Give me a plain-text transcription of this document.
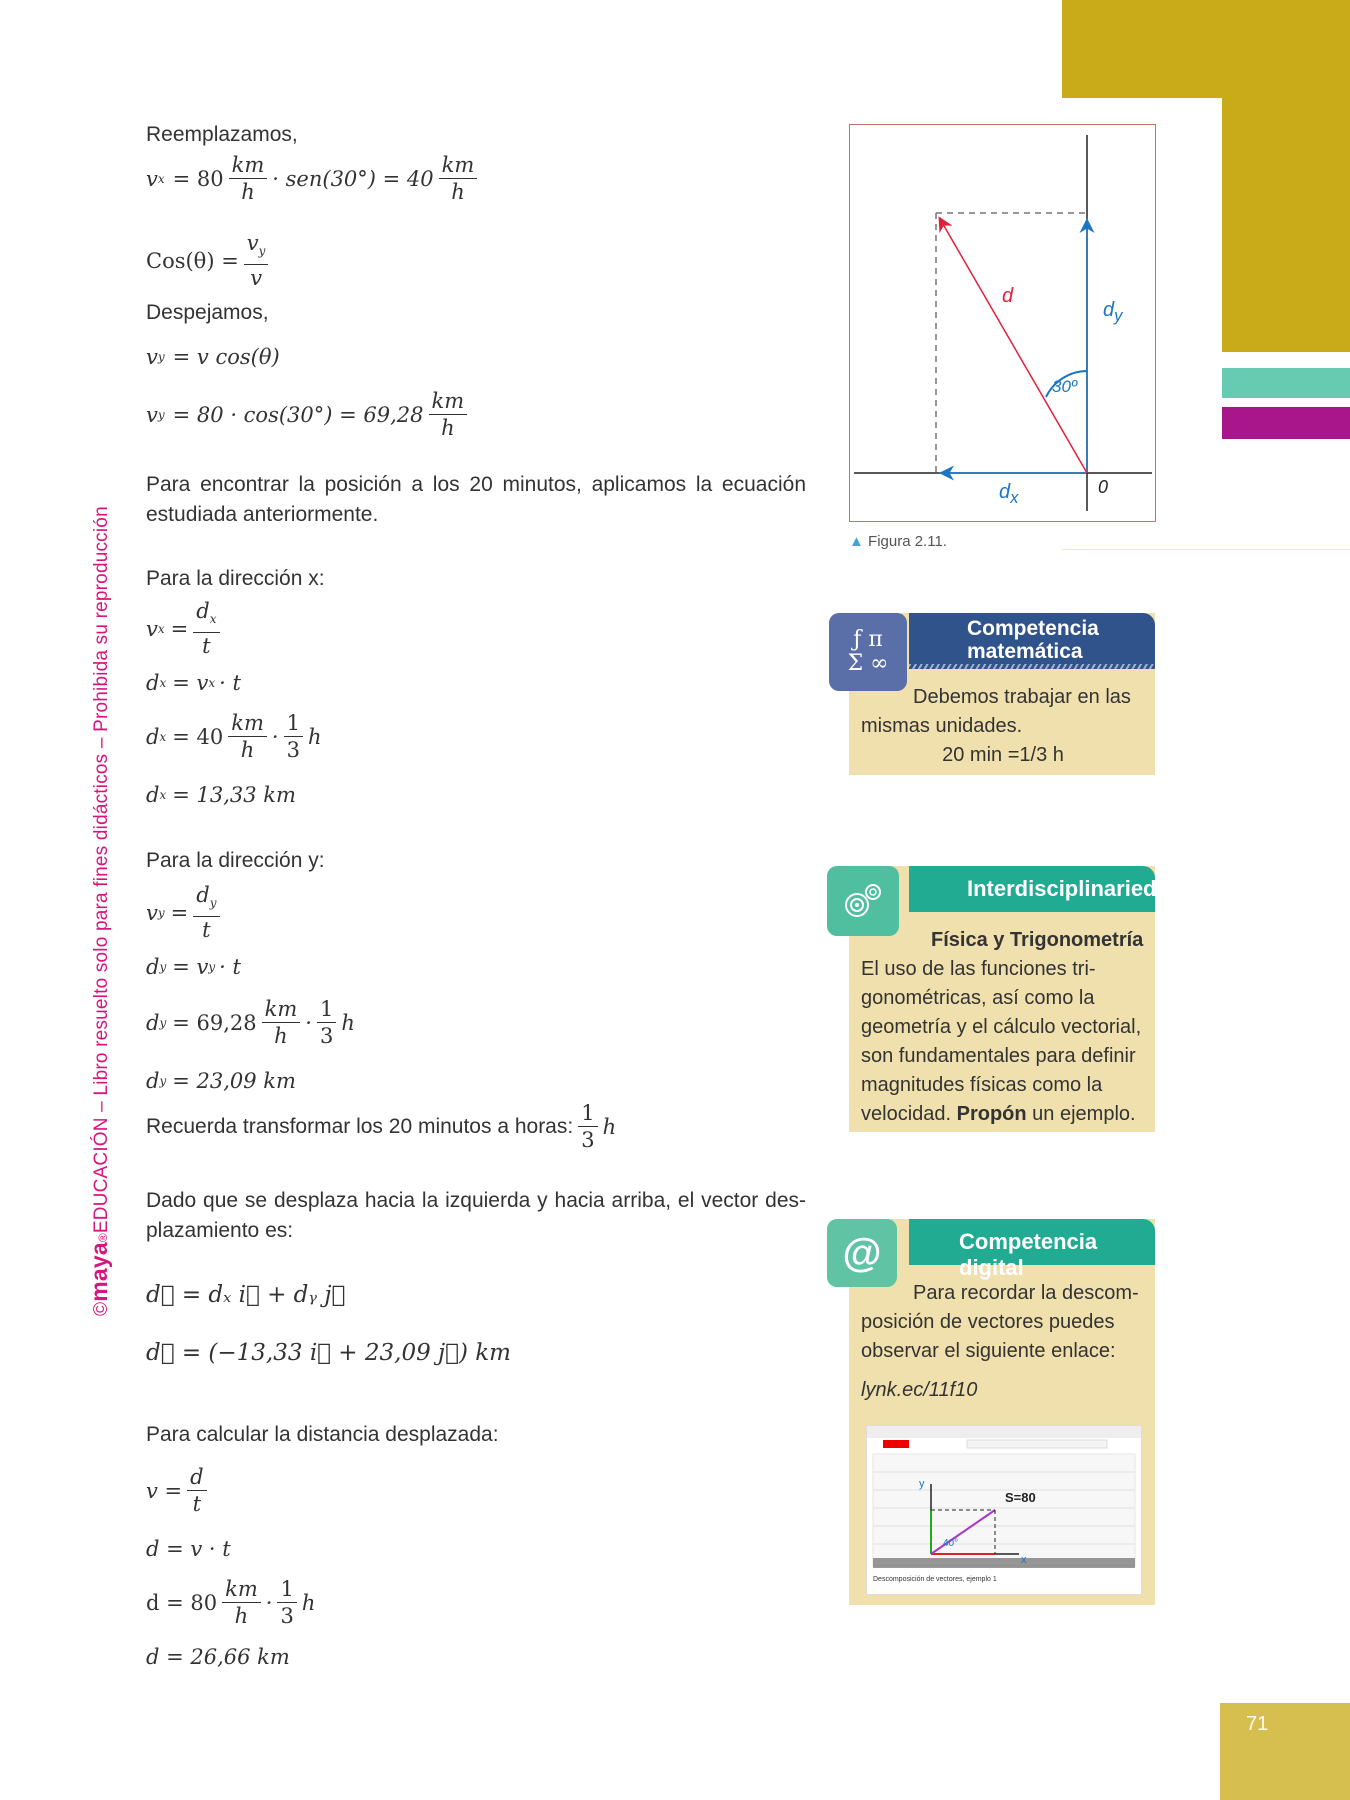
71
©maya®EDUCACIÓN – Libro resuelto solo para fines didácticos – Prohibida su reproducción
Reemplazamos,
v $x = 80 \frac{km}{h} \cdot sen(30^\circ) = 40 \frac{km}{h}$
$Cos(\theta) = \frac{v_y}{v}$
Despejamos,
v y = v cos(θ)
v $y = 80 \cdot \cos(30^\circ) = 69,28 \frac{km}{h}$
Para encontrar la posición a los 20 minutos, aplicamos la ecuación estudiada anteriormente.
Para la dirección x:
v $x = \frac{d_x}{t}$
d x = v x · t
d $x = 40 \frac{km}{h} \cdot \frac{1}{3}$ h
d x = 13,33 km
Para la dirección y:
v $y = \frac{d_y}{t}$
d y = v y · t
d $y = 69,28 \frac{km}{h} \cdot \frac{1}{3}$ h
d y = 23,09 km
Recuerda transformar los 20 minutos a horas: $\frac{1}{3}$ h
Dado que se desplaza hacia la izquierda y hacia arriba, el vector des-plazamiento es:
d⃗ = dₓ i⃗ + dᵧ j⃗
d⃗ = (−13,33 i⃗ + 23,09 j⃗) km
Para calcular la distancia desplazada:
$v = \frac{d}{t}$
d = v · t
$d = 80 \frac{km}{h} \cdot \frac{1}{3}$ h
d = 26,66 km
d
$d_y$
30º
$d_x$
0
▲ Figura 2.11.
Competencia
matemática
ƒ π
Σ ∞
Debemos trabajar en las mismas unidades.
20 min =1/3 h
Interdisciplinariedad
Física y Trigonometría
El uso de las funciones tri-gonométricas, así como la geometría y el cálculo vectorial, son fundamentales para definir magnitudes físicas como la
velocidad. Propón un ejemplo.
Competencia digital
@
Para recordar la descom-posición de vectores puedes observar el siguiente enlace:
lynk.ec/11f10
S=80
40°
y
x
Descomposición de vectores, ejemplo 1
